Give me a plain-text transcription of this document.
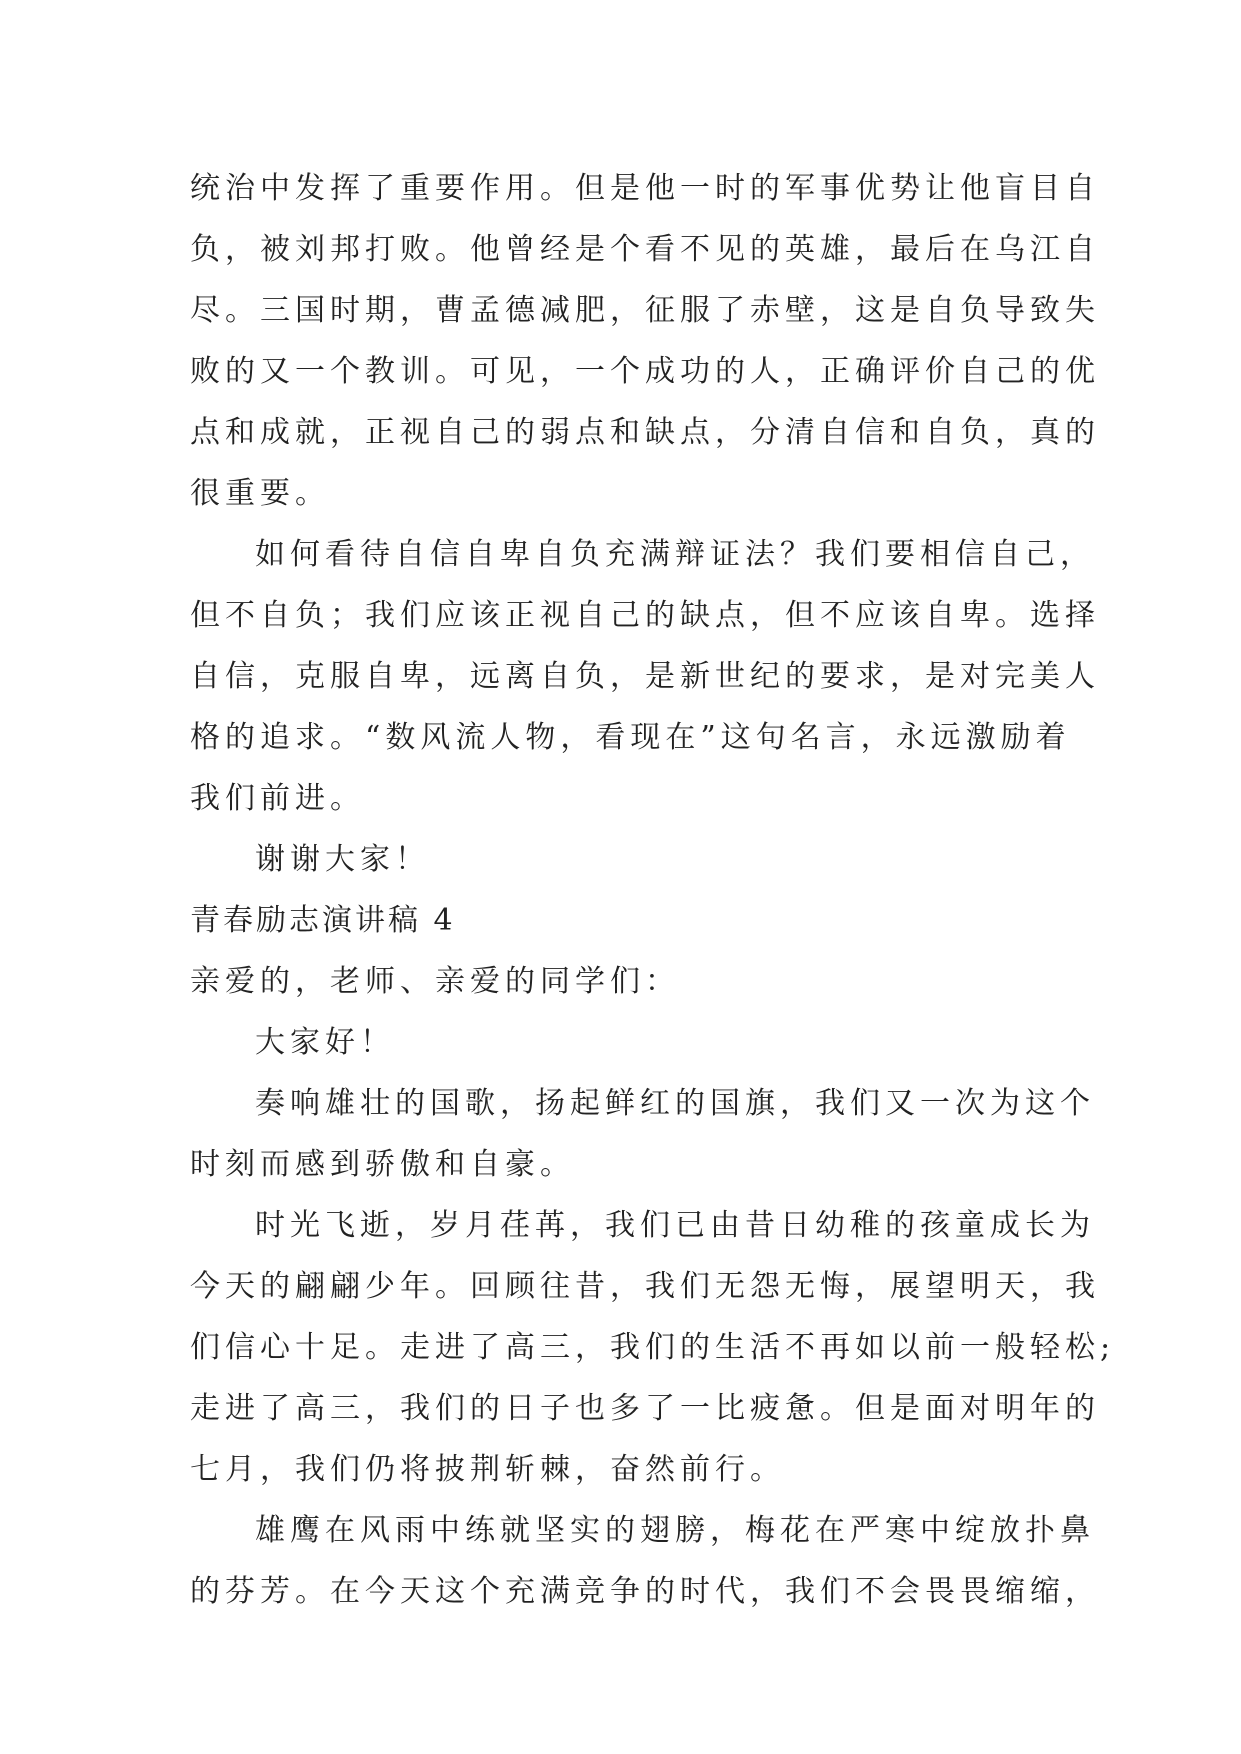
统治中发挥了重要作用。但是他一时的军事优势让他盲目自
负，被刘邦打败。他曾经是个看不见的英雄，最后在乌江自
尽。三国时期，曹孟德减肥，征服了赤壁，这是自负导致失
败的又一个教训。可见，一个成功的人，正确评价自己的优
点和成就，正视自己的弱点和缺点，分清自信和自负，真的
很重要。
如何看待自信自卑自负充满辩证法？我们要相信自己，
但不自负；我们应该正视自己的缺点，但不应该自卑。选择
自信，克服自卑，远离自负，是新世纪的要求，是对完美人
格的追求。“数风流人物，看现在”这句名言，永远激励着
我们前进。
谢谢大家！
青春励志演讲稿 4
亲爱的，老师、亲爱的同学们：
大家好！
奏响雄壮的国歌，扬起鲜红的国旗，我们又一次为这个
时刻而感到骄傲和自豪。
时光飞逝，岁月荏苒，我们已由昔日幼稚的孩童成长为
今天的翩翩少年。回顾往昔，我们无怨无悔，展望明天，我
们信心十足。走进了高三，我们的生活不再如以前一般轻松;
走进了高三，我们的日子也多了一比疲惫。但是面对明年的
七月，我们仍将披荆斩棘，奋然前行。
雄鹰在风雨中练就坚实的翅膀，梅花在严寒中绽放扑鼻
的芬芳。在今天这个充满竞争的时代，我们不会畏畏缩缩，
